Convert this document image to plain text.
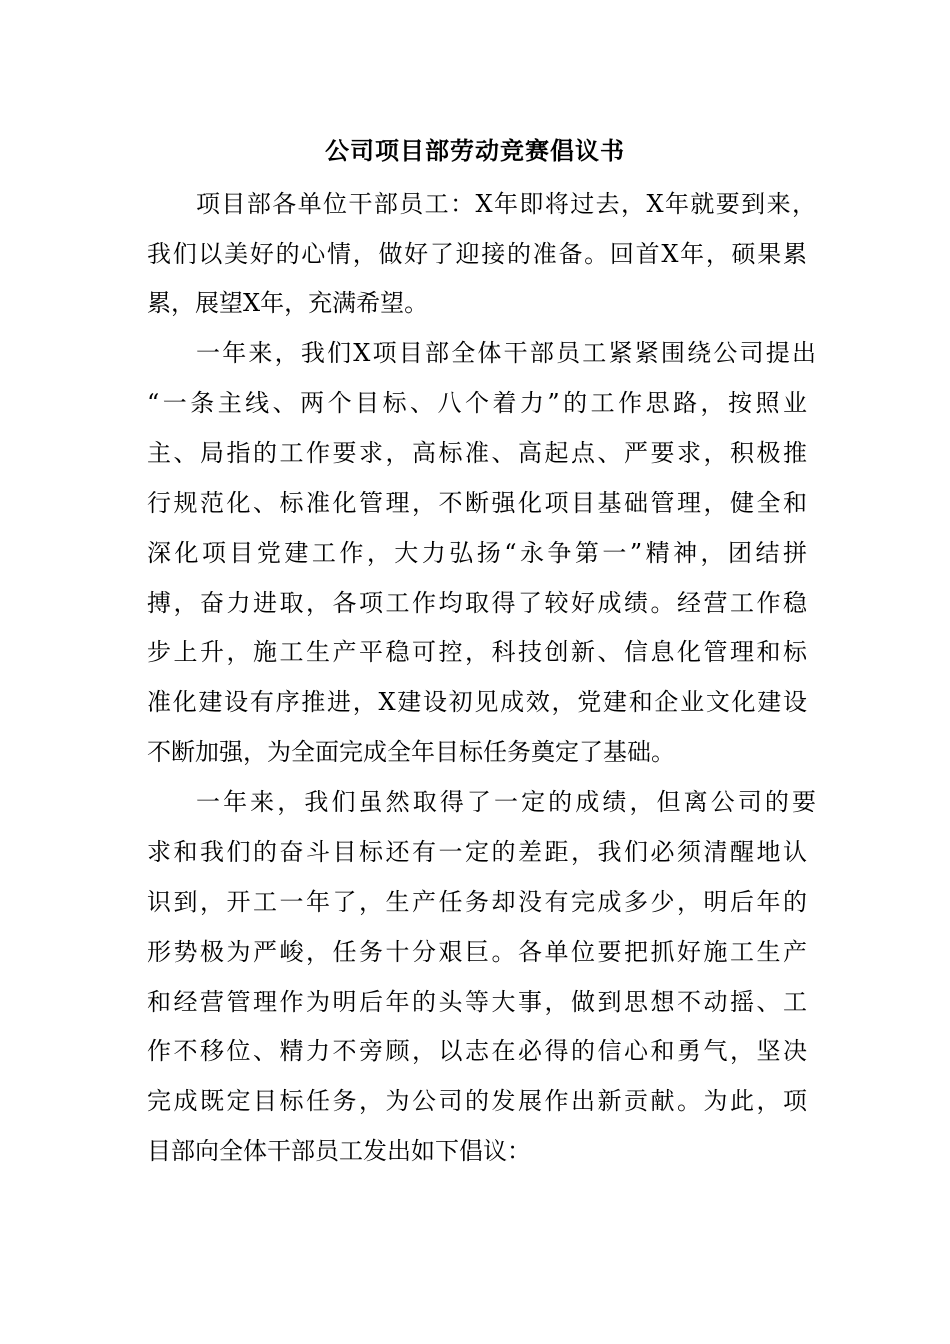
公司项目部劳动竞赛倡议书
项目部各单位干部员工：X年即将过去，X年就要到来，
我们以美好的心情，做好了迎接的准备。回首X年，硕果累
累，展望X年，充满希望。
一年来，我们X项目部全体干部员工紧紧围绕公司提出
“一条主线、两个目标、八个着力”的工作思路，按照业
主、局指的工作要求，高标准、高起点、严要求，积极推
行规范化、标准化管理，不断强化项目基础管理，健全和
深化项目党建工作，大力弘扬“永争第一”精神，团结拼
搏，奋力进取，各项工作均取得了较好成绩。经营工作稳
步上升，施工生产平稳可控，科技创新、信息化管理和标
准化建设有序推进，X建设初见成效，党建和企业文化建设
不断加强，为全面完成全年目标任务奠定了基础。
一年来，我们虽然取得了一定的成绩，但离公司的要
求和我们的奋斗目标还有一定的差距，我们必须清醒地认
识到，开工一年了，生产任务却没有完成多少，明后年的
形势极为严峻，任务十分艰巨。各单位要把抓好施工生产
和经营管理作为明后年的头等大事，做到思想不动摇、工
作不移位、精力不旁顾，以志在必得的信心和勇气，坚决
完成既定目标任务，为公司的发展作出新贡献。为此，项
目部向全体干部员工发出如下倡议：
